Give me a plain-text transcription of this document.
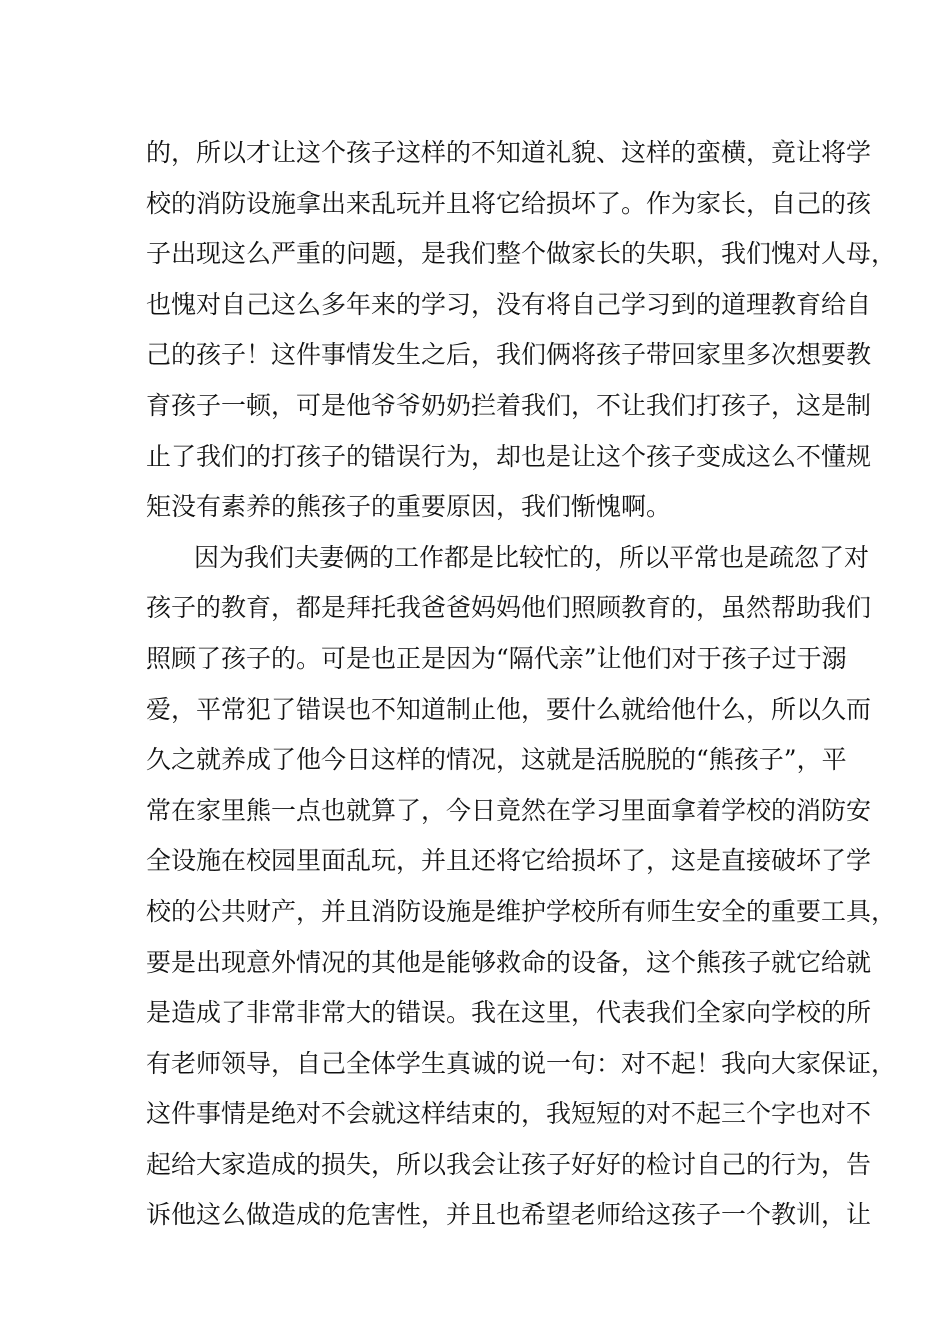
的，所以才让这个孩子这样的不知道礼貌、这样的蛮横，竟让将学
校的消防设施拿出来乱玩并且将它给损坏了。作为家长，自己的孩
子出现这么严重的问题，是我们整个做家长的失职，我们愧对人母，
也愧对自己这么多年来的学习，没有将自己学习到的道理教育给自
己的孩子！这件事情发生之后，我们俩将孩子带回家里多次想要教
育孩子一顿，可是他爷爷奶奶拦着我们，不让我们打孩子，这是制
止了我们的打孩子的错误行为，却也是让这个孩子变成这么不懂规
矩没有素养的熊孩子的重要原因，我们惭愧啊。
因为我们夫妻俩的工作都是比较忙的，所以平常也是疏忽了对
孩子的教育，都是拜托我爸爸妈妈他们照顾教育的，虽然帮助我们
照顾了孩子的。可是也正是因为“隔代亲”让他们对于孩子过于溺
爱，平常犯了错误也不知道制止他，要什么就给他什么，所以久而
久之就养成了他今日这样的情况，这就是活脱脱的“熊孩子”，平
常在家里熊一点也就算了，今日竟然在学习里面拿着学校的消防安
全设施在校园里面乱玩，并且还将它给损坏了，这是直接破坏了学
校的公共财产，并且消防设施是维护学校所有师生安全的重要工具，
要是出现意外情况的其他是能够救命的设备，这个熊孩子就它给就
是造成了非常非常大的错误。我在这里，代表我们全家向学校的所
有老师领导，自己全体学生真诚的说一句：对不起！我向大家保证，
这件事情是绝对不会就这样结束的，我短短的对不起三个字也对不
起给大家造成的损失，所以我会让孩子好好的检讨自己的行为，告
诉他这么做造成的危害性，并且也希望老师给这孩子一个教训，让
